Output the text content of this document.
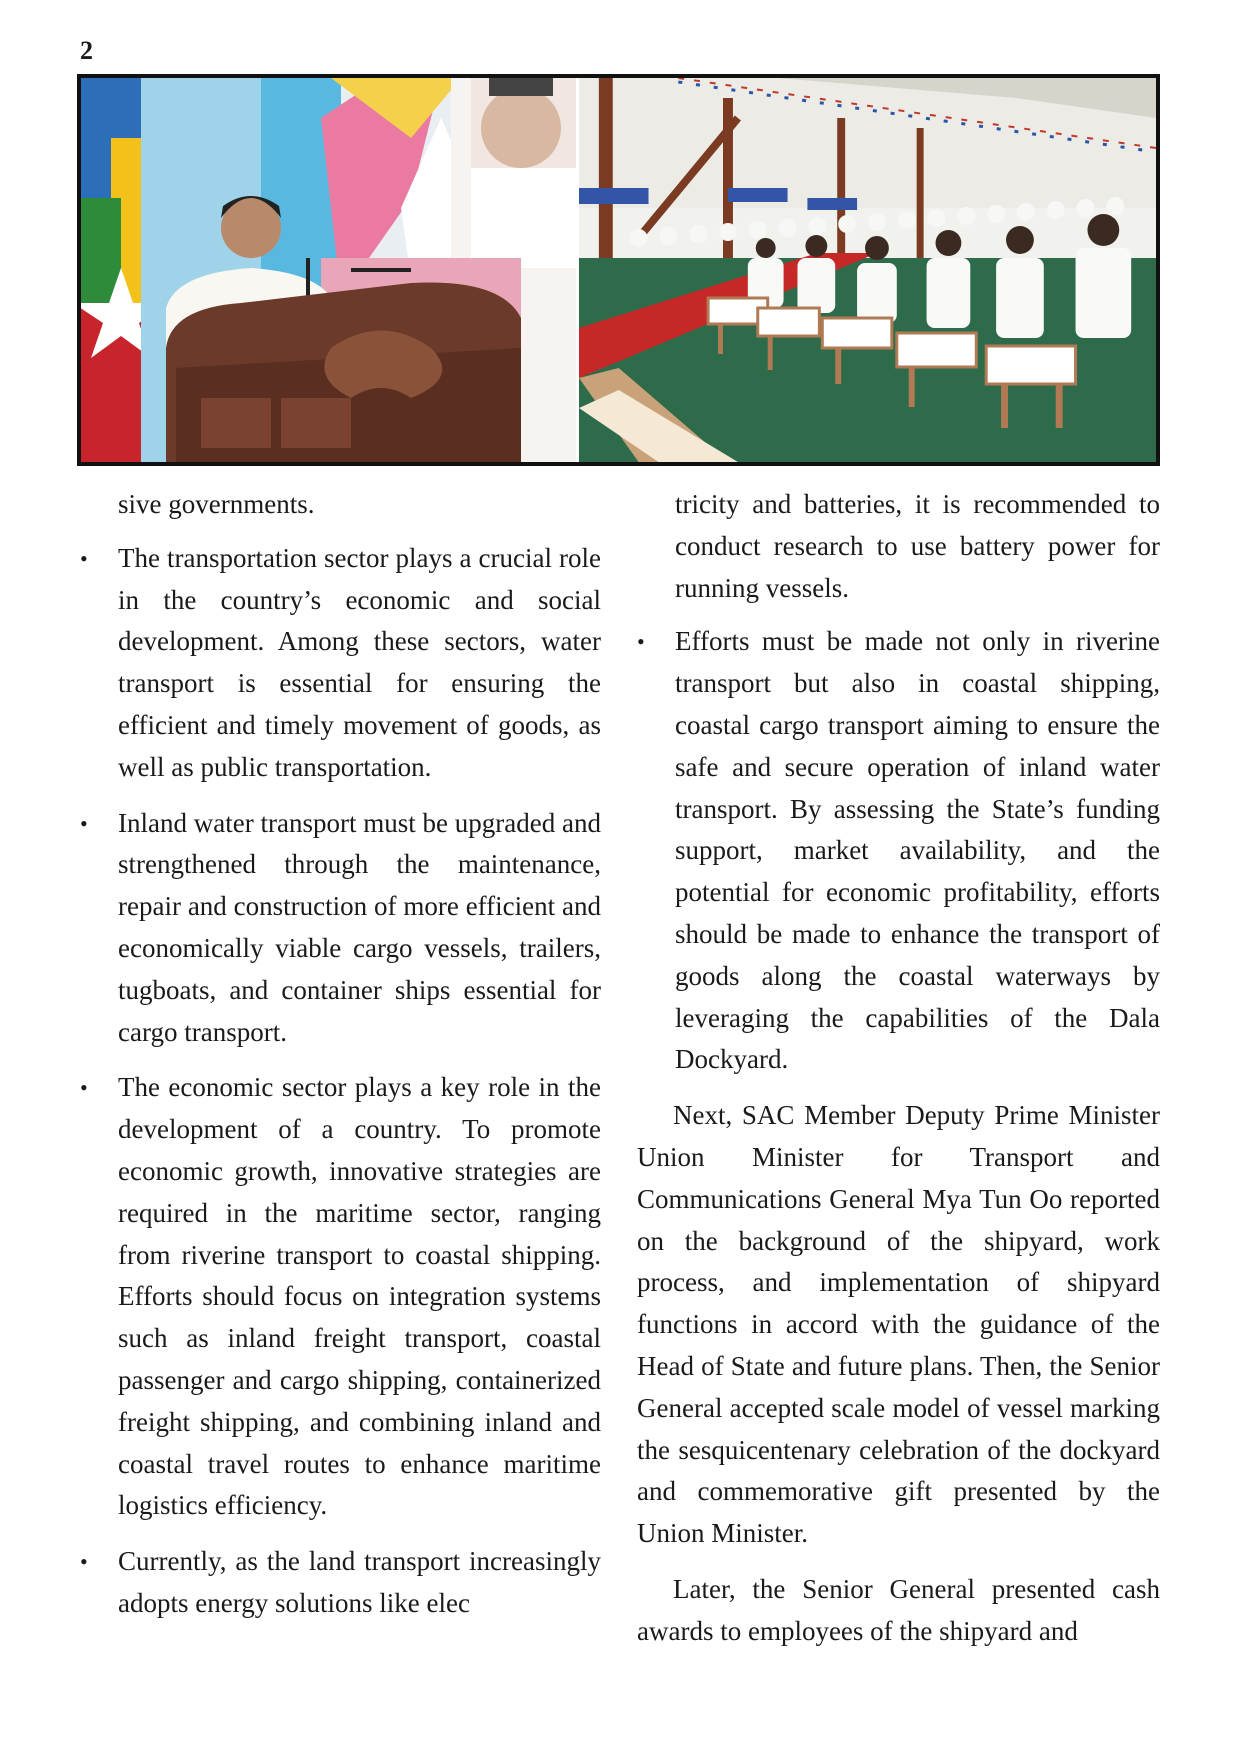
2

sive governments.

• The transportation sector plays a crucial role in the country’s economic and social development. Among these sectors, water transport is essential for ensuring the efficient and timely movement of goods, as well as public transportation.
• Inland water transport must be upgraded and strengthened through the maintenance, repair and construction of more efficient and economically viable cargo vessels, trailers, tugboats, and container ships essential for cargo transport.
• The economic sector plays a key role in the development of a country. To promote economic growth, innovative strategies are required in the maritime sector, ranging from riverine transport to coastal shipping. Efforts should focus on integration systems such as inland freight transport, coastal passenger and cargo shipping, containerized freight shipping, and combining inland and coastal travel routes to enhance maritime logistics efficiency.
• Currently, as the land transport increasingly adopts energy solutions like elec

tricity and batteries, it is recommended to conduct research to use battery power for running vessels.

• Efforts must be made not only in riverine transport but also in coastal shipping, coastal cargo transport aiming to ensure the safe and secure operation of inland water transport. By assessing the State’s funding support, market availability, and the potential for economic profitability, efforts should be made to enhance the transport of goods along the coastal waterways by leveraging the capabilities of the Dala Dockyard.

Next, SAC Member Deputy Prime Minister Union Minister for Transport and Communications General Mya Tun Oo reported on the background of the shipyard, work process, and implementation of shipyard functions in accord with the guidance of the Head of State and future plans. Then, the Senior General accepted scale model of vessel marking the sesquicentenary celebration of the dockyard and commemorative gift presented by the Union Minister.

Later, the Senior General presented cash awards to employees of the shipyard and
